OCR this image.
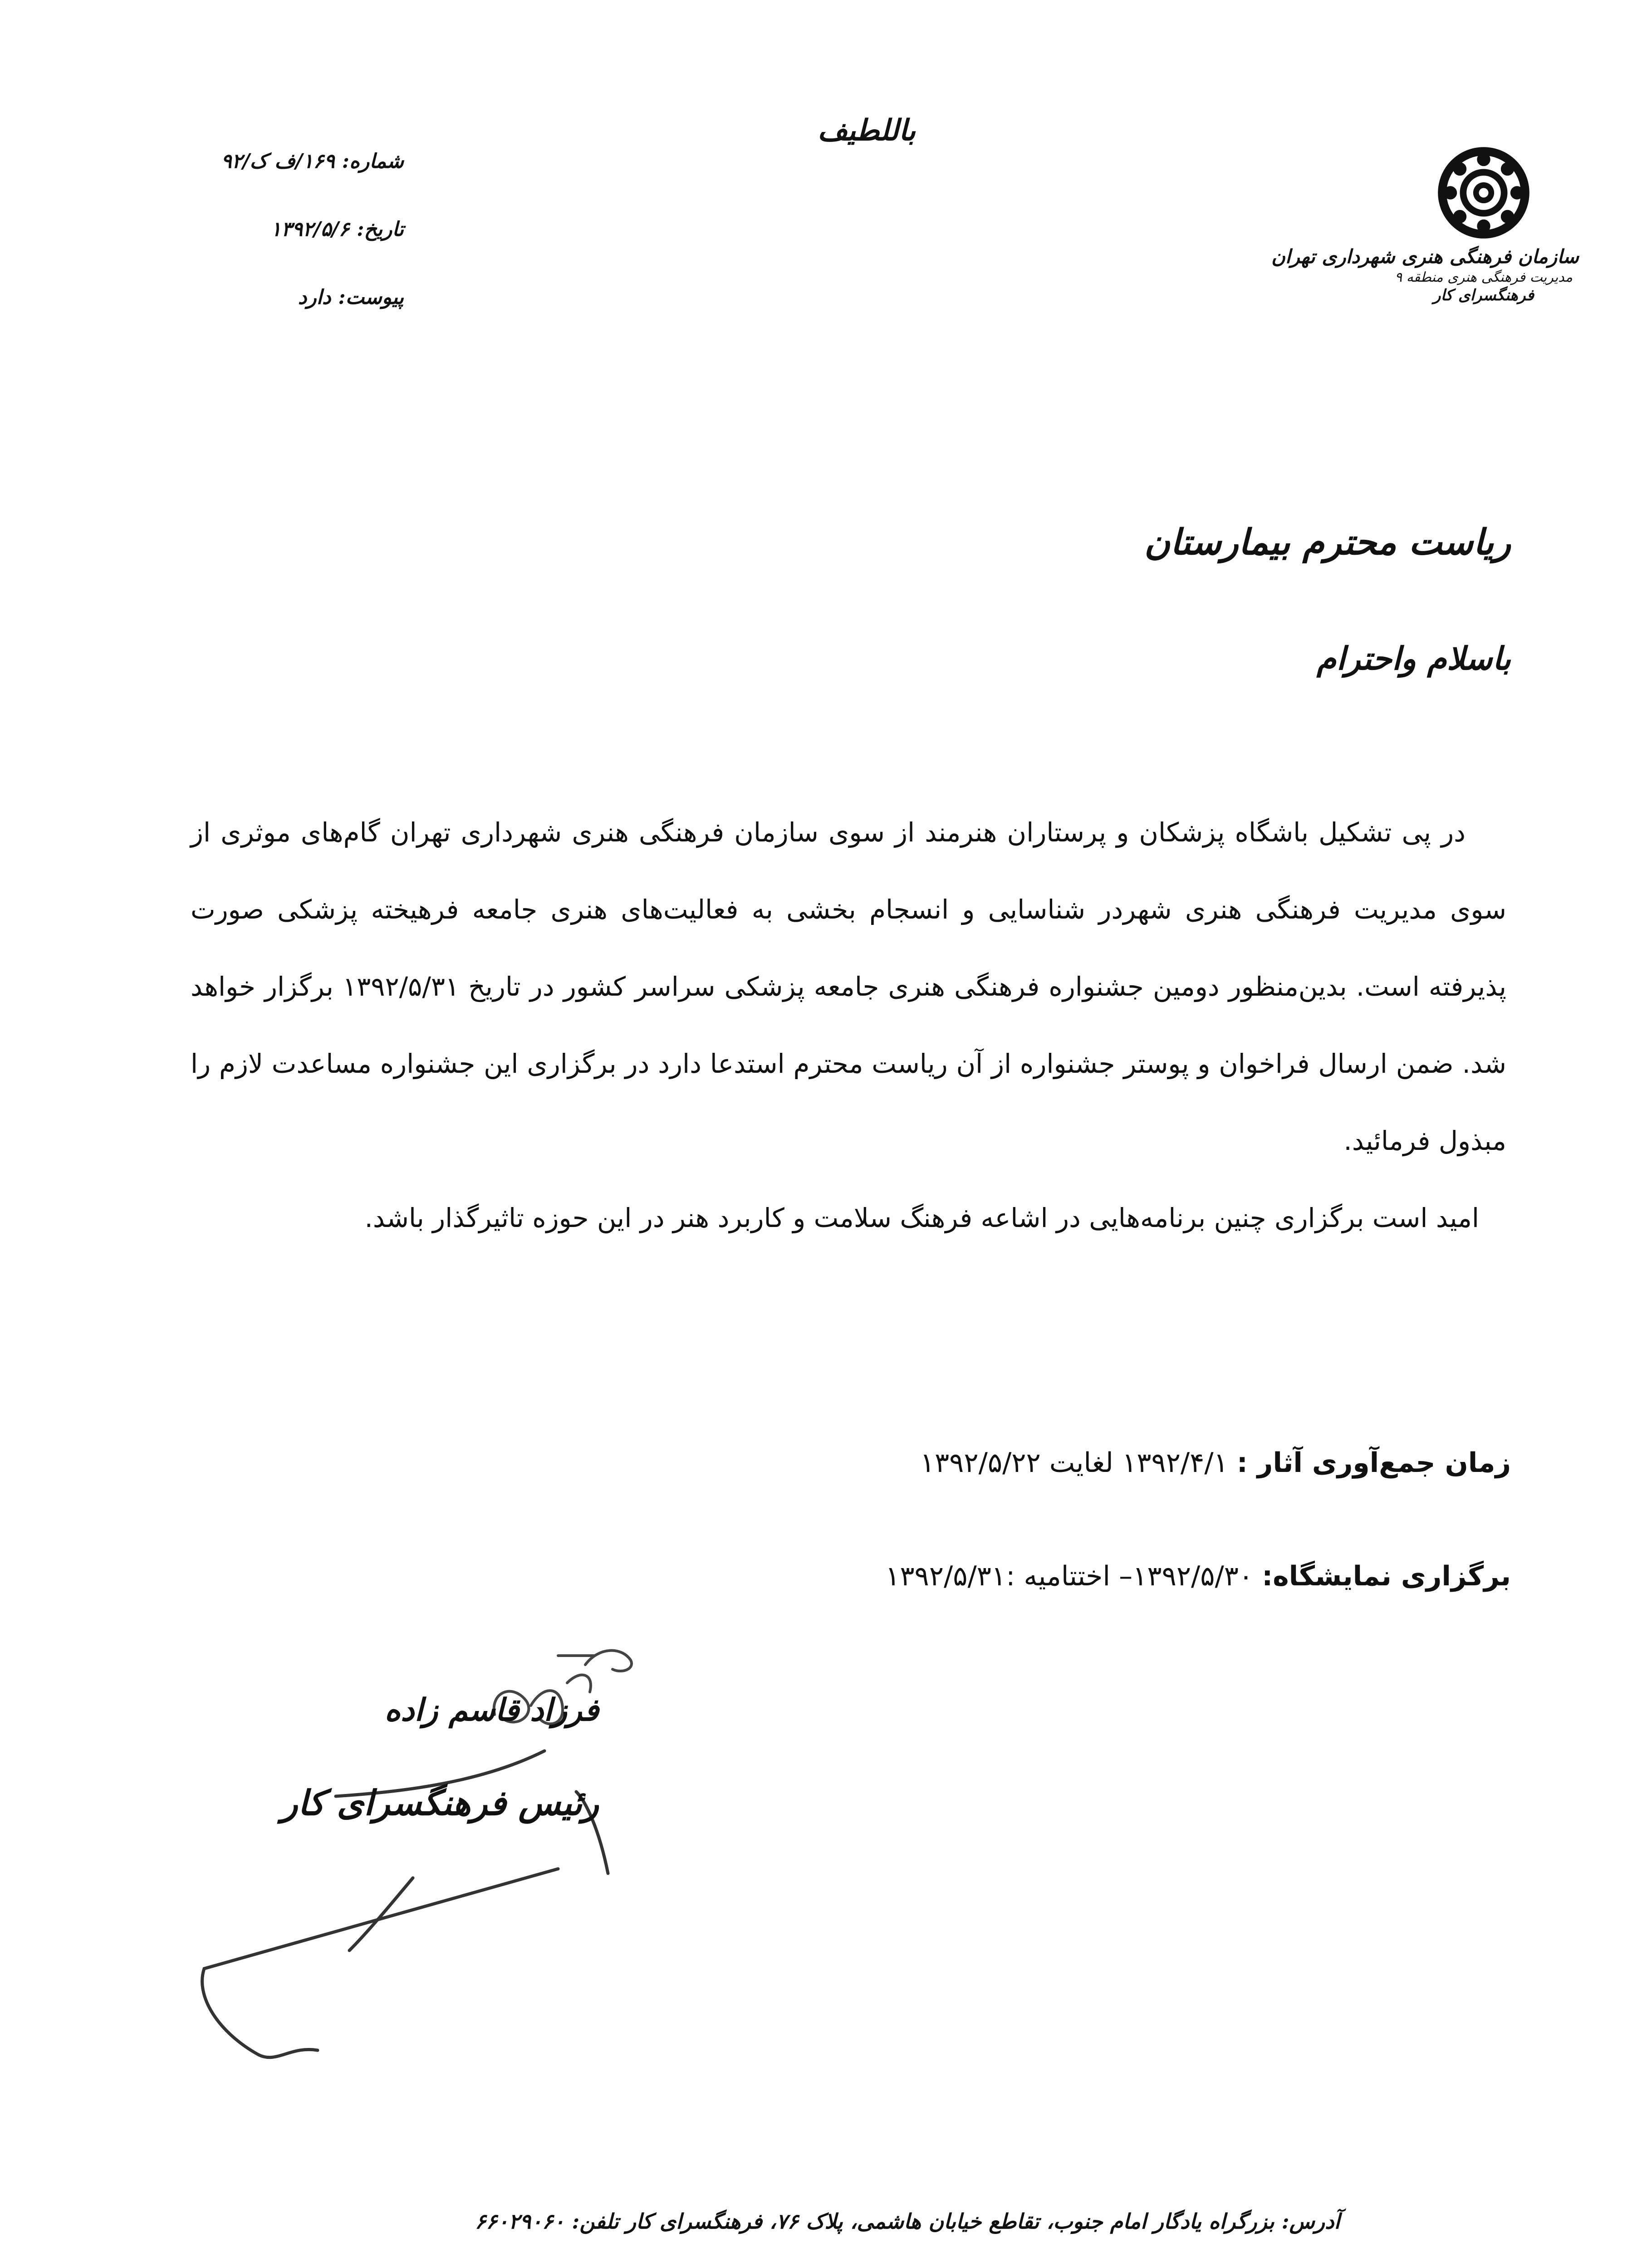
باللطیف
سازمان فرهنگی هنری شهرداری تهران
مدیریت فرهنگی هنری منطقه ۹
فرهنگسرای کار
شماره:
۱۶۹/ف ک/۹۲
تاریخ:
۱۳۹۲/۵/۶
پیوست:
دارد
ریاست محترم بیمارستان
باسلام واحترام

در پی تشکیل باشگاه پزشکان و پرستاران هنرمند از سوی سازمان فرهنگی هنری شهرداری تهران گام‌های موثری از سوی مدیریت فرهنگی هنری شهردر شناسایی و انسجام بخشی به فعالیت‌های هنری جامعه فرهیخته پزشکی صورت پذیرفته است. بدین‌منظور دومین جشنواره فرهنگی هنری جامعه پزشکی سراسر کشور در تاریخ ۱۳۹۲/۵/۳۱ برگزار خواهد شد. ضمن ارسال فراخوان و پوستر جشنواره از آن ریاست محترم استدعا دارد در برگزاری این جشنواره مساعدت لازم را مبذول فرمائید.

امید است برگزاری چنین برنامه‌هایی در اشاعه فرهنگ سلامت و کاربرد هنر در این حوزه تاثیرگذار باشد.

زمان جمع‌آوری آثار : ۱۳۹۲/۴/۱ لغایت ۱۳۹۲/۵/۲۲
برگزاری نمایشگاه: ۱۳۹۲/۵/۳۰– اختتامیه :۱۳۹۲/۵/۳۱
فرزاد قاسم زاده
رئیس فرهنگسرای کار
آدرس: بزرگراه یادگار امام جنوب، تقاطع خیابان هاشمی، پلاک ۷۶، فرهنگسرای کار تلفن: ۶۶۰۲۹۰۶۰
